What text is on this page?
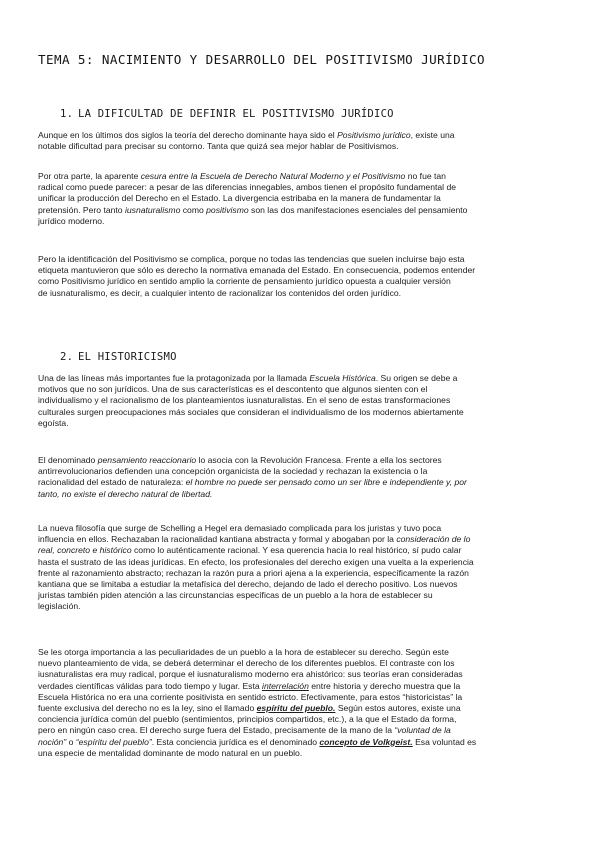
TEMA 5: NACIMIENTO Y DESARROLLO DEL POSITIVISMO JURÍDICO
1. LA DIFICULTAD DE DEFINIR EL POSITIVISMO JURÍDICO
Aunque en los últimos dos siglos la teoría del derecho dominante haya sido el Positivismo jurídico, existe una
notable dificultad para precisar su contorno. Tanta que quizá sea mejor hablar de Positivismos.
Por otra parte, la aparente cesura entre la Escuela de Derecho Natural Moderno y el Positivismo no fue tan
radical como puede parecer: a pesar de las diferencias innegables, ambos tienen el propósito fundamental de
unificar la producción del Derecho en el Estado. La divergencia estribaba en la manera de fundamentar la
pretensión. Pero tanto iusnaturalismo como positivismo son las dos manifestaciones esenciales del pensamiento
jurídico moderno.
Pero la identificación del Positivismo se complica, porque no todas las tendencias que suelen incluirse bajo esta
etiqueta mantuvieron que sólo es derecho la normativa emanada del Estado. En consecuencia, podemos entender
como Positivismo jurídico en sentido amplio la corriente de pensamiento jurídico opuesta a cualquier versión
de iusnaturalismo, es decir, a cualquier intento de racionalizar los contenidos del orden jurídico.
2. EL HISTORICISMO
Una de las líneas más importantes fue la protagonizada por la llamada Escuela Histórica. Su origen se debe a
motivos que no son jurídicos. Una de sus características es el descontento que algunos sienten con el
individualismo y el racionalismo de los planteamientos iusnaturalistas. En el seno de estas transformaciones
culturales surgen preocupaciones más sociales que consideran el individualismo de los modernos abiertamente
egoísta.
El denominado pensamiento reaccionario lo asocia con la Revolución Francesa. Frente a ella los sectores
antirrevolucionarios defienden una concepción organicista de la sociedad y rechazan la existencia o la
racionalidad del estado de naturaleza: el hombre no puede ser pensado como un ser libre e independiente y, por
tanto, no existe el derecho natural de libertad.
La nueva filosofía que surge de Schelling a Hegel era demasiado complicada para los juristas y tuvo poca
influencia en ellos. Rechazaban la racionalidad kantiana abstracta y formal y abogaban por la consideración de lo
real, concreto e histórico como lo auténticamente racional. Y esa querencia hacia lo real histórico, sí pudo calar
hasta el sustrato de las ideas jurídicas. En efecto, los profesionales del derecho exigen una vuelta a la experiencia
frente al razonamiento abstracto; rechazan la razón pura a priori ajena a la experiencia, específicamente la razón
kantiana que se limitaba a estudiar la metafísica del derecho, dejando de lado el derecho positivo. Los nuevos
juristas también piden atención a las circunstancias específicas de un pueblo a la hora de establecer su
legislación.
Se les otorga importancia a las peculiaridades de un pueblo a la hora de establecer su derecho. Según este
nuevo planteamiento de vida, se deberá determinar el derecho de los diferentes pueblos. El contraste con los
iusnaturalistas era muy radical, porque el iusnaturalismo moderno era ahistórico: sus teorías eran consideradas
verdades científicas válidas para todo tiempo y lugar. Esta interrelación entre historia y derecho muestra que la
Escuela Histórica no era una corriente positivista en sentido estricto. Efectivamente, para estos “historicistas” la
fuente exclusiva del derecho no es la ley, sino el llamado espíritu del pueblo. Según estos autores, existe una
conciencia jurídica común del pueblo (sentimientos, principios compartidos, etc.), a la que el Estado da forma,
pero en ningún caso crea. El derecho surge fuera del Estado, precisamente de la mano de la “voluntad de la
noción” o “espíritu del pueblo”. Esta conciencia jurídica es el denominado concepto de Volkgeist. Esa voluntad es
una especie de mentalidad dominante de modo natural en un pueblo.
